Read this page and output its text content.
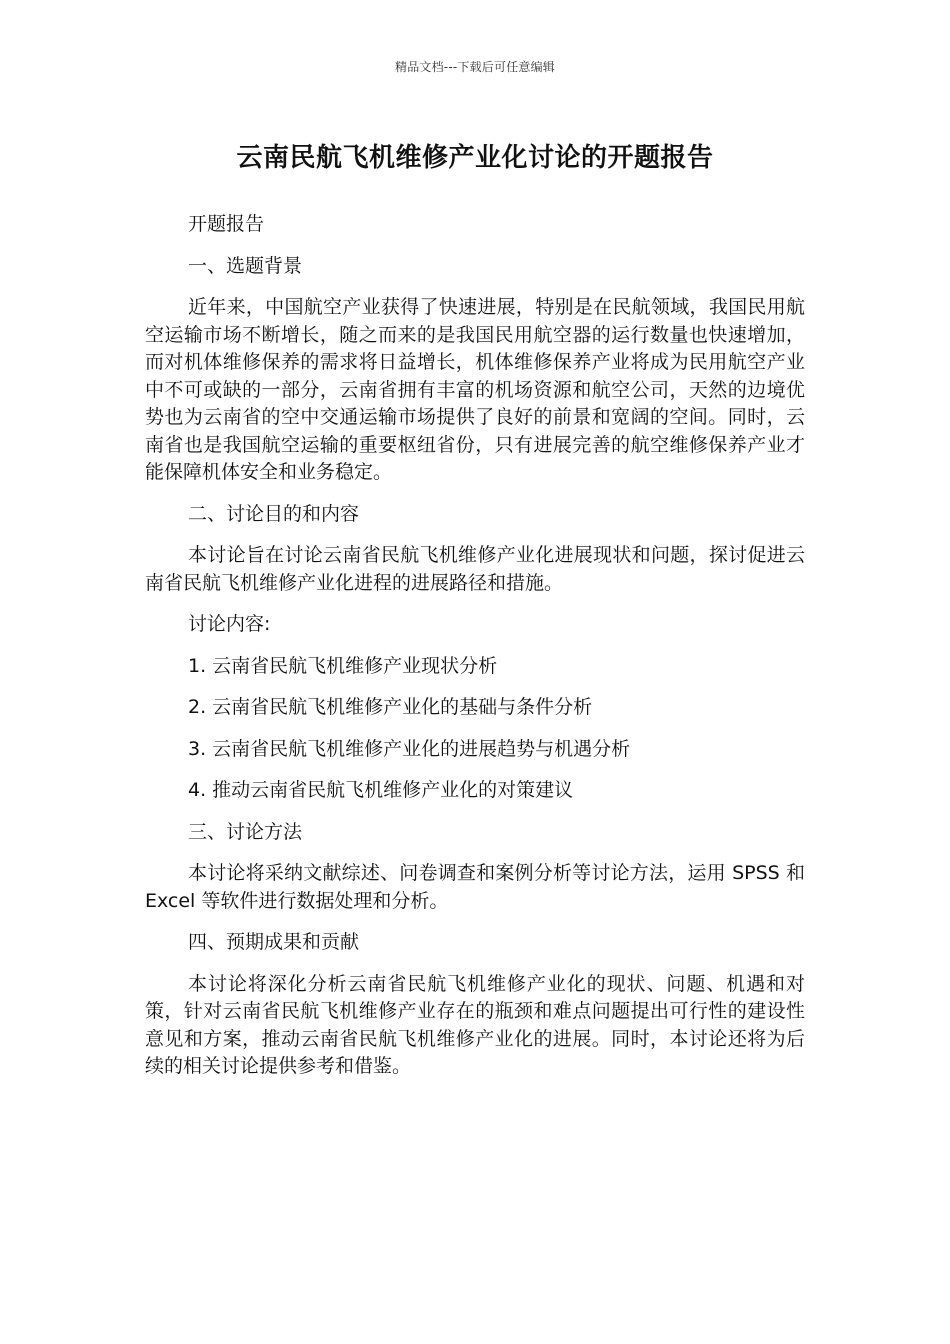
精品文档---下载后可任意编辑
云南民航飞机维修产业化讨论的开题报告

开题报告

一、选题背景

近年来，中国航空产业获得了快速进展，特别是在民航领域，我国民用航空运输市场不断增长，随之而来的是我国民用航空器的运行数量也快速增加，而对机体维修保养的需求将日益增长，机体维修保养产业将成为民用航空产业中不可或缺的一部分，云南省拥有丰富的机场资源和航空公司，天然的边境优势也为云南省的空中交通运输市场提供了良好的前景和宽阔的空间。同时，云南省也是我国航空运输的重要枢纽省份，只有进展完善的航空维修保养产业才能保障机体安全和业务稳定。

二、讨论目的和内容

本讨论旨在讨论云南省民航飞机维修产业化进展现状和问题，探讨促进云南省民航飞机维修产业化进程的进展路径和措施。

讨论内容:

1. 云南省民航飞机维修产业现状分析

2. 云南省民航飞机维修产业化的基础与条件分析

3. 云南省民航飞机维修产业化的进展趋势与机遇分析

4. 推动云南省民航飞机维修产业化的对策建议

三、讨论方法

本讨论将采纳文献综述、问卷调查和案例分析等讨论方法，运用 SPSS 和 Excel 等软件进行数据处理和分析。

四、预期成果和贡献

本讨论将深化分析云南省民航飞机维修产业化的现状、问题、机遇和对策，针对云南省民航飞机维修产业存在的瓶颈和难点问题提出可行性的建设性意见和方案，推动云南省民航飞机维修产业化的进展。同时，本讨论还将为后续的相关讨论提供参考和借鉴。
